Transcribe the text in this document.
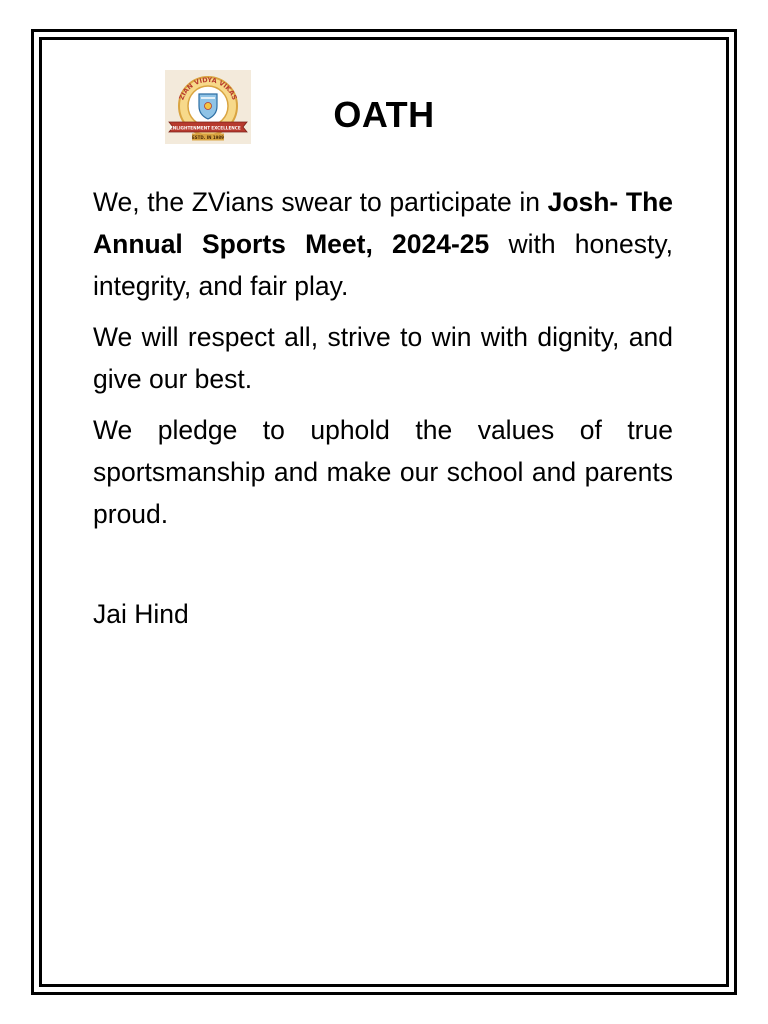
ZIAN VIDYA VIKAS
ENLIGHTENMENT EXCELLENCE
ESTD. IN 1989
OATH

We, the ZVians swear to participate in Josh- The Annual Sports Meet, 2024-25 with honesty, integrity, and fair play.

We will respect all, strive to win with dignity, and give our best.

We pledge to uphold the values of true sportsmanship and make our school and parents proud.

Jai Hind
